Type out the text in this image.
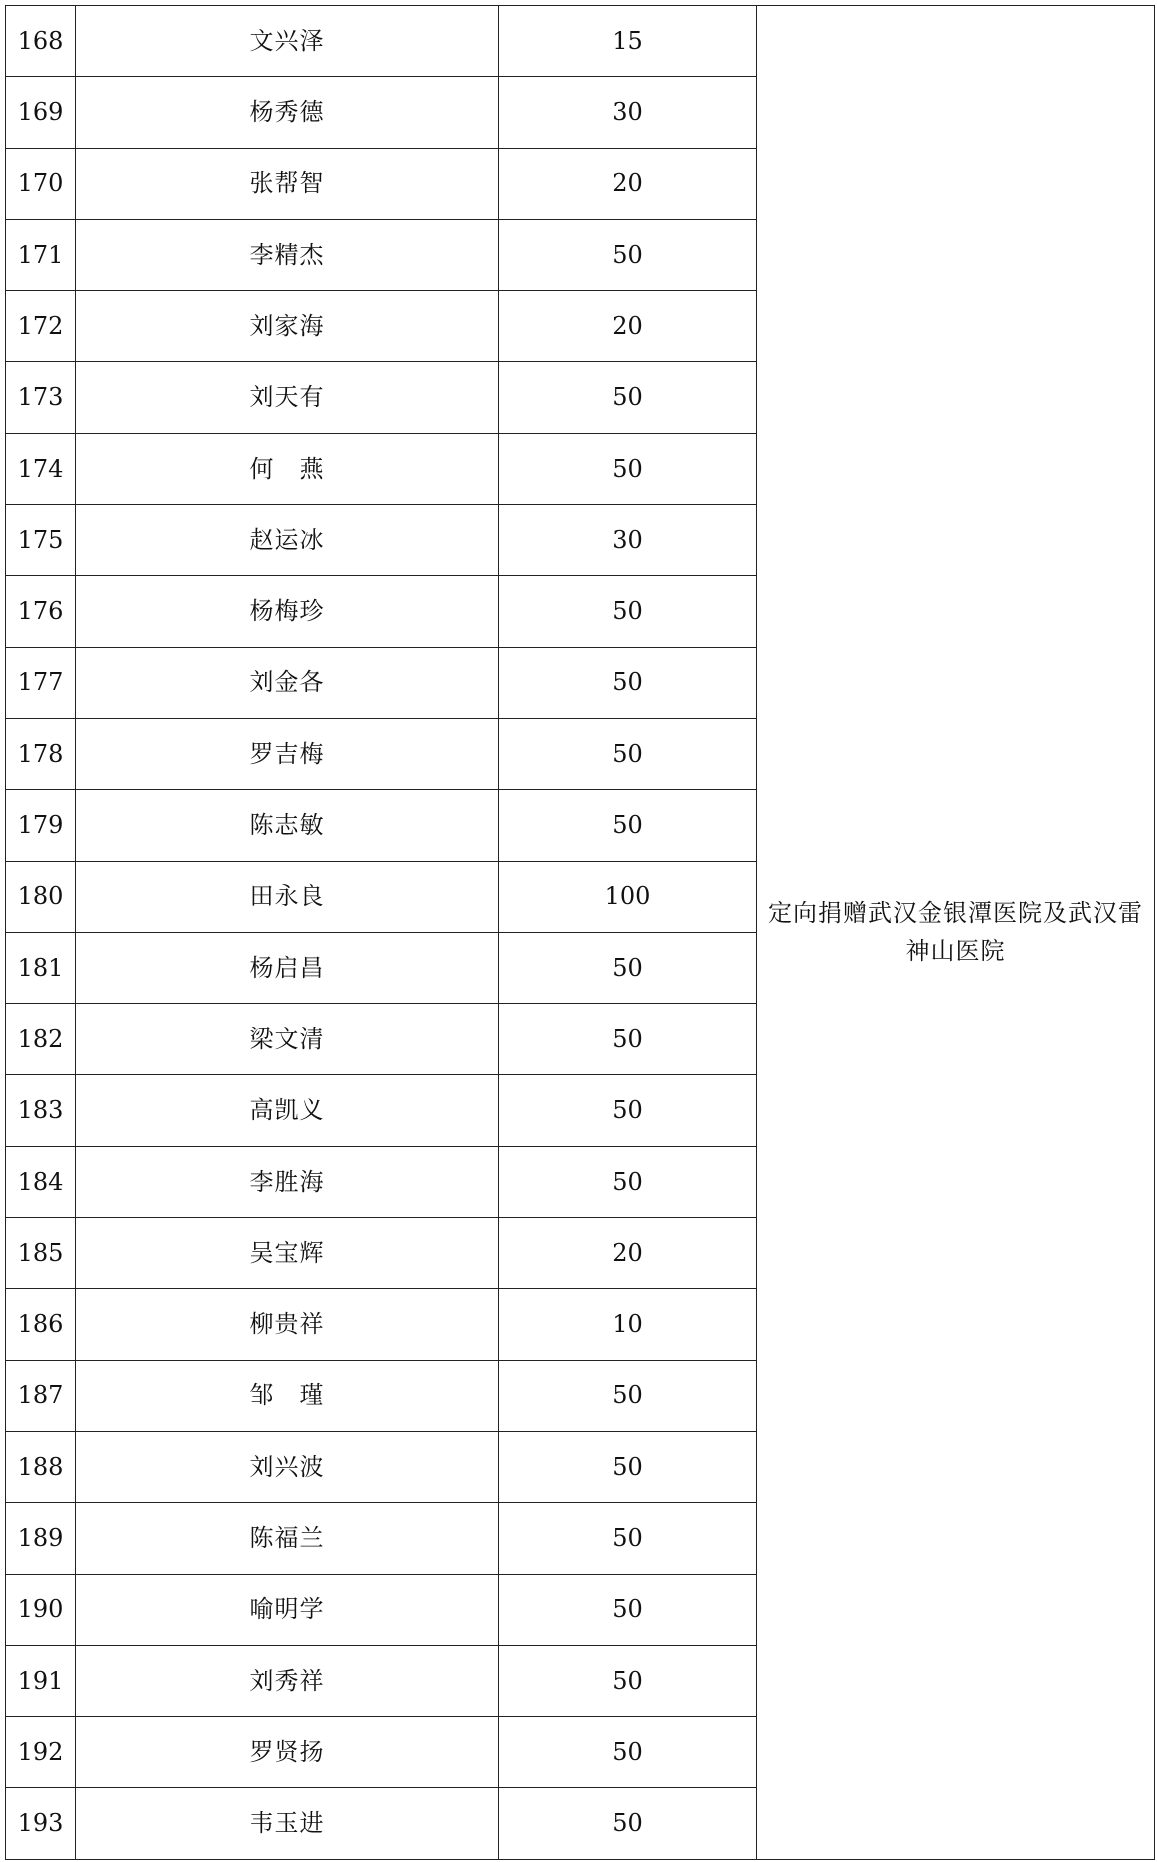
168	文兴泽	15	定向捐赠武汉金银潭医院及武汉雷神山医院
169	杨秀德	30	
170	张帮智	20	
171	李精杰	50	
172	刘家海	20	
173	刘天有	50	
174	何　燕	50	
175	赵运冰	30	
176	杨梅珍	50	
177	刘金各	50	
178	罗吉梅	50	
179	陈志敏	50	
180	田永良	100	
181	杨启昌	50	
182	梁文清	50	
183	高凯义	50	
184	李胜海	50	
185	吴宝辉	20	
186	柳贵祥	10	
187	邹　瑾	50	
188	刘兴波	50	
189	陈福兰	50	
190	喻明学	50	
191	刘秀祥	50	
192	罗贤扬	50	
193	韦玉进	50	
